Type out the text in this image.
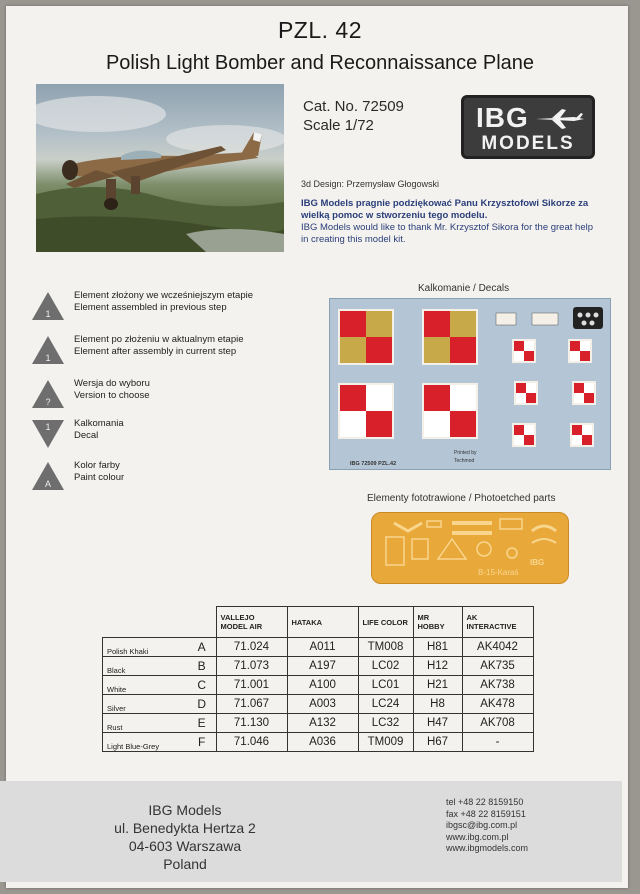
PZL. 42
Polish Light Bomber and Reconnaissance Plane
Cat. No. 72509
Scale 1/72	IBG
MODELS
3d Design: Przemysław Głogowski
IBG Models pragnie podziękować Panu Krzysztofowi Sikorze za wielką pomoc w stworzeniu tego modelu.
IBG Models would like to thank Mr. Krzysztof Sikora for the great help in creating this model kit.
1
Element złożony we wcześniejszym etapie
Element assembled in previous step
1
Element po złożeniu w aktualnym etapie
Element after assembly in current step
?
Wersja do wyboru
Version to choose
1 Kalkomania
Decal
A
Kolor farby
Paint colour
Kalkomanie / Decals
IBG 72509 PZL.42
Printed by
Techmod
Elementy fototrawione / Photoetched parts
B-15-Karaś
IBG
		VALLEJO MODEL AIR	HATAKA	LIFE COLOR	MR HOBBY	AK INTERACTIVE
Polish Khaki	A	71.024	A011	TM008	H81	AK4042
Black	B	71.073	A197	LC02	H12	AK735
White	C	71.001	A100	LC01	H21	AK738
Silver	D	71.067	A003	LC24	H8	AK478
Rust	E	71.130	A132	LC32	H47	AK708
Light Blue-Grey	F	71.046	A036	TM009	H67	-
IBG Models
ul. Benedykta Hertza 2
04-603 Warszawa
Poland
tel +48 22 8159150
fax +48 22 8159151
ibgsc@ibg.com.pl
www.ibg.com.pl
www.ibgmodels.com
